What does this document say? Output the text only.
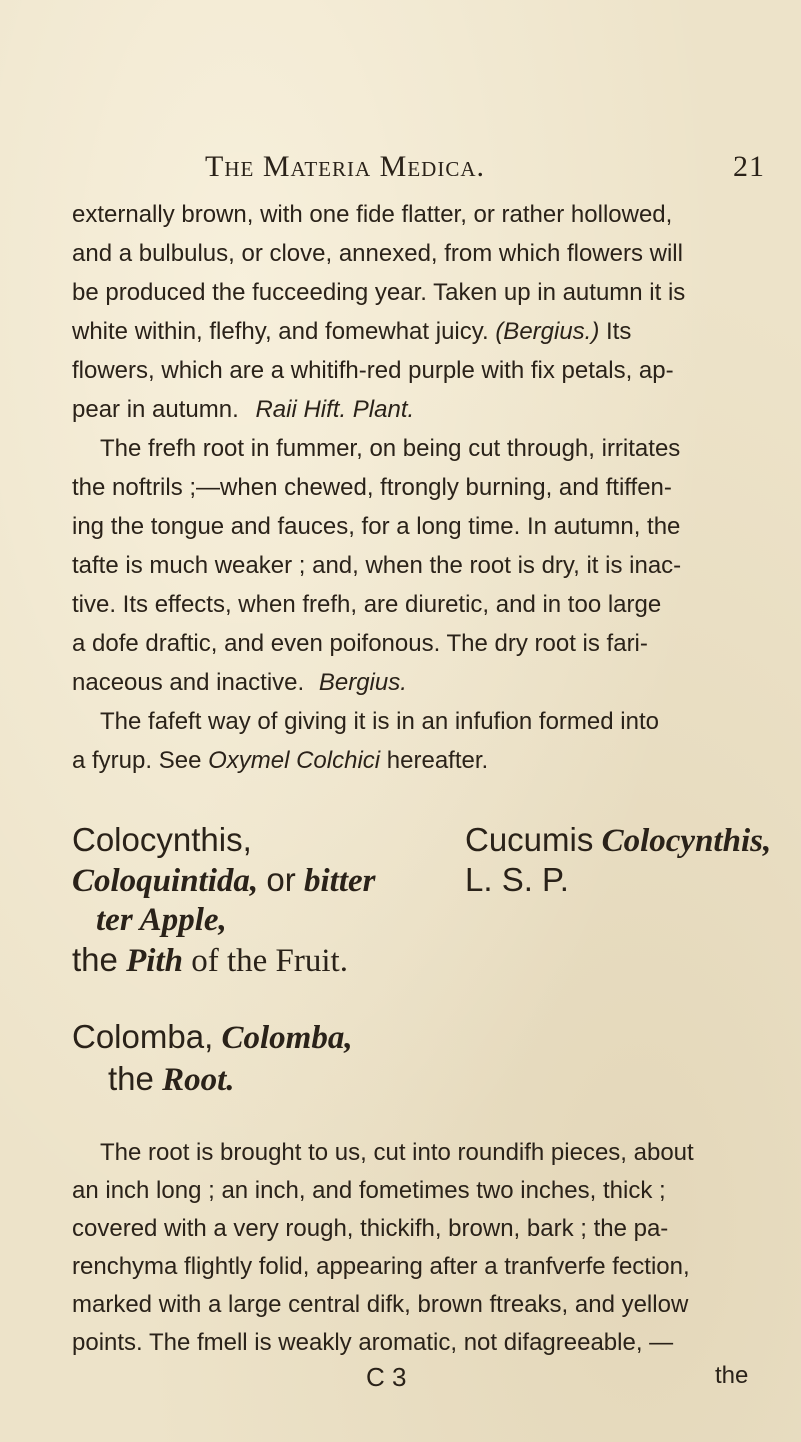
The Materia Medica.	21
externally brown, with one fide flatter, or rather hollowed,
and a bulbulus, or clove, annexed, from which flowers will
be produced the fucceeding year. Taken up in autumn it is
white within, flefhy, and fomewhat juicy. (Bergius.) Its
flowers, which are a whitifh-red purple with fix petals, ap-
pear in autumn. Raii Hift. Plant.
The frefh root in fummer, on being cut through, irritates
the noftrils ;—when chewed, ftrongly burning, and ftiffen-
ing the tongue and fauces, for a long time. In autumn, the
tafte is much weaker ; and, when the root is dry, it is inac-
tive. Its effects, when frefh, are diuretic, and in too large
a dofe draftic, and even poifonous. The dry root is fari-
naceous and inactive. Bergius.
The fafeft way of giving it is in an infufion formed into
a fyrup. See Oxymel Colchici hereafter.
Colocynthis,	Cucumis Colocynthis,
Coloquintida, or bitter	L. S. P.
ter Apple,
the Pith of the Fruit.
Colomba, Colomba,
the Root.
The root is brought to us, cut into roundifh pieces, about
an inch long ; an inch, and fometimes two inches, thick ;
covered with a very rough, thickifh, brown, bark ; the pa-
renchyma flightly folid, appearing after a tranfverfe fection,
marked with a large central difk, brown ftreaks, and yellow
points. The fmell is weakly aromatic, not difagreeable, —
C 3	the
